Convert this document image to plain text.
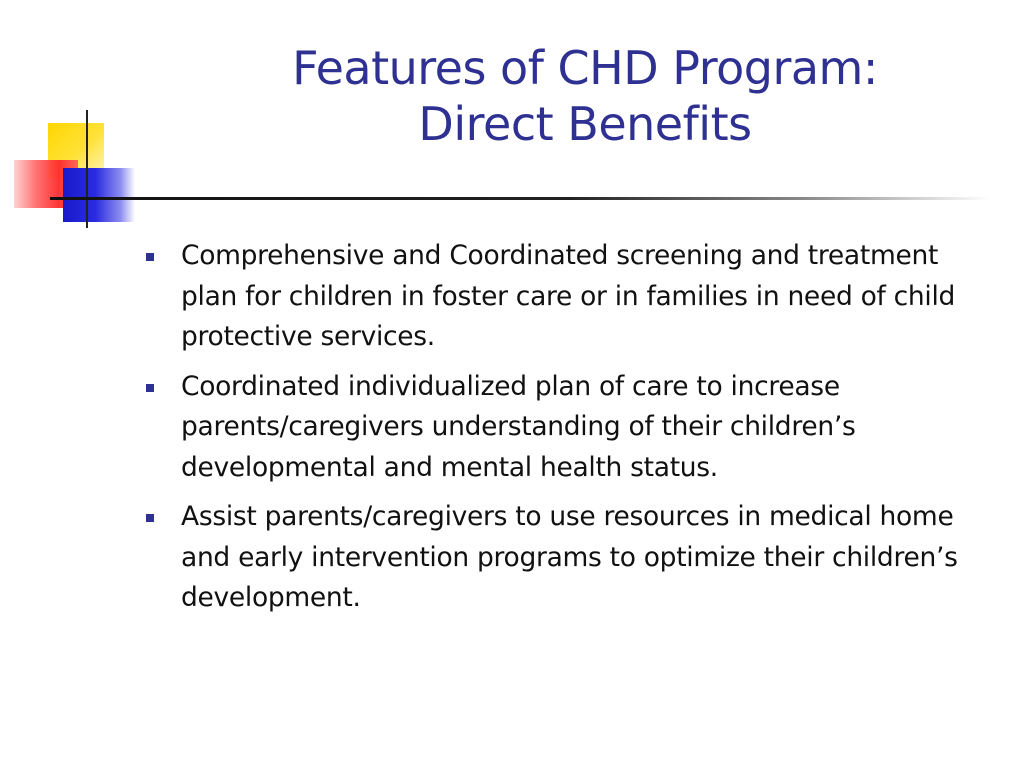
Features of CHD Program:
Direct Benefits
Comprehensive and Coordinated screening and treatment plan for children in foster care or in families in need of child protective services.
Coordinated individualized plan of care to increase parents/caregivers understanding of their children’s developmental and mental health status.
Assist parents/caregivers to use resources in medical home and early intervention programs to optimize their children’s development.
